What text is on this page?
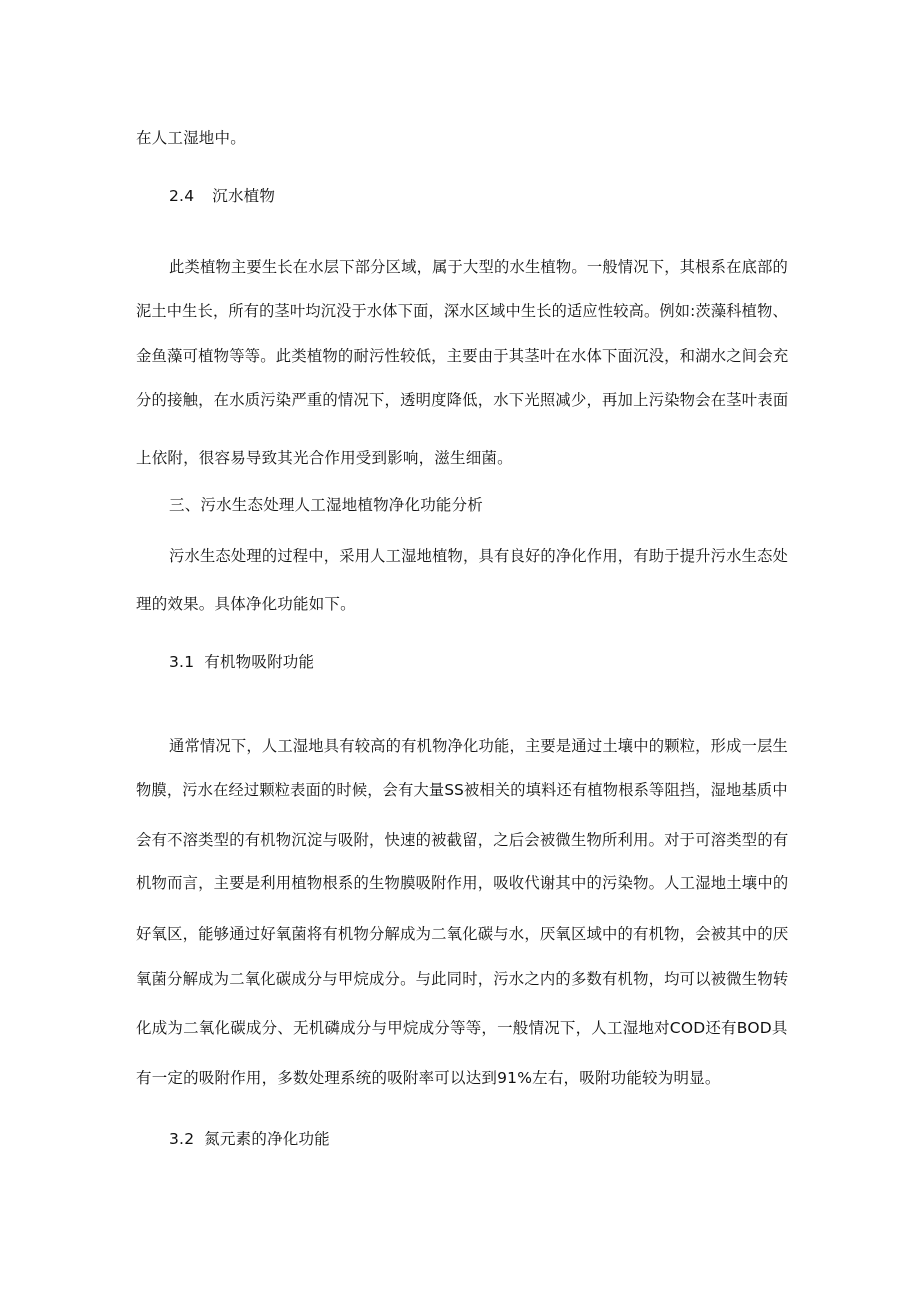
在人工湿地中。
2.4 沉水植物
此类植物主要生长在水层下部分区域，属于大型的水生植物。一般情况下，其根系在底部的
泥土中生长，所有的茎叶均沉没于水体下面，深水区域中生长的适应性较高。例如:茨藻科植物、
金鱼藻可植物等等。此类植物的耐污性较低，主要由于其茎叶在水体下面沉没，和湖水之间会充
分的接触，在水质污染严重的情况下，透明度降低，水下光照减少，再加上污染物会在茎叶表面
上依附，很容易导致其光合作用受到影响，滋生细菌。
三、污水生态处理人工湿地植物净化功能分析
污水生态处理的过程中，采用人工湿地植物，具有良好的净化作用，有助于提升污水生态处
理的效果。具体净化功能如下。
3.1 有机物吸附功能
通常情况下，人工湿地具有较高的有机物净化功能，主要是通过土壤中的颗粒，形成一层生
物膜，污水在经过颗粒表面的时候，会有大量SS被相关的填料还有植物根系等阻挡，湿地基质中
会有不溶类型的有机物沉淀与吸附，快速的被截留，之后会被微生物所利用。对于可溶类型的有
机物而言，主要是利用植物根系的生物膜吸附作用，吸收代谢其中的污染物。人工湿地土壤中的
好氧区，能够通过好氧菌将有机物分解成为二氧化碳与水，厌氧区域中的有机物，会被其中的厌
氧菌分解成为二氧化碳成分与甲烷成分。与此同时，污水之内的多数有机物，均可以被微生物转
化成为二氧化碳成分、无机磷成分与甲烷成分等等，一般情况下，人工湿地对COD还有BOD具
有一定的吸附作用，多数处理系统的吸附率可以达到91%左右，吸附功能较为明显。
3.2 氮元素的净化功能
